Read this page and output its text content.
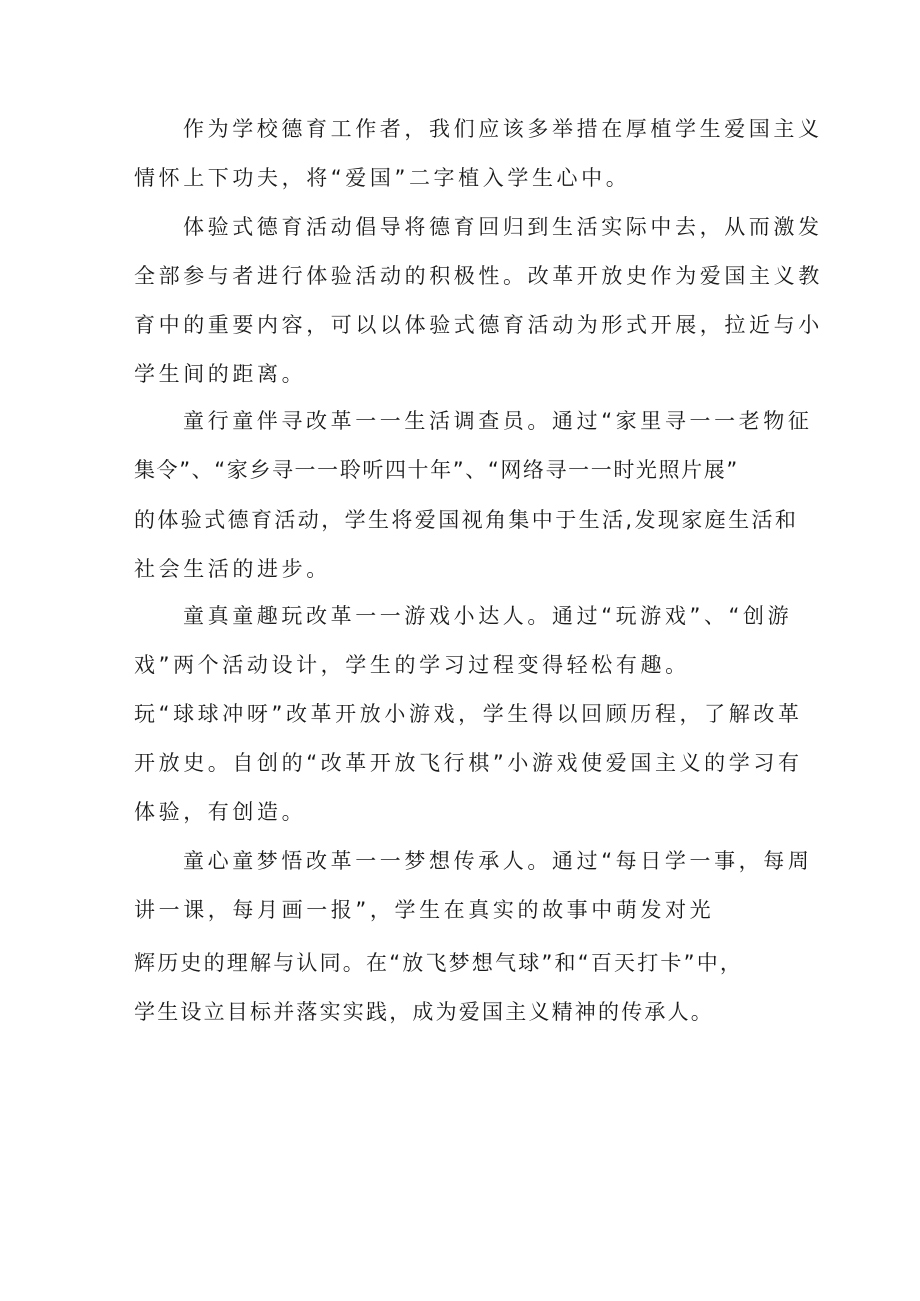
作为学校德育工作者，我们应该多举措在厚植学生爱国主义
情怀上下功夫，将“爱国”二字植入学生心中。
体验式德育活动倡导将德育回归到生活实际中去，从而激发
全部参与者进行体验活动的积极性。改革开放史作为爱国主义教
育中的重要内容，可以以体验式德育活动为形式开展，拉近与小
学生间的距离。
童行童伴寻改革一一生活调查员。通过“家里寻一一老物征
集令”、“家乡寻一一聆听四十年”、“网络寻一一时光照片展”
的体验式德育活动，学生将爱国视角集中于生活,发现家庭生活和
社会生活的进步。
童真童趣玩改革一一游戏小达人。通过“玩游戏”、“创游
戏”两个活动设计，学生的学习过程变得轻松有趣。
玩“球球冲呀”改革开放小游戏，学生得以回顾历程，了解改革
开放史。自创的“改革开放飞行棋”小游戏使爱国主义的学习有
体验，有创造。
童心童梦悟改革一一梦想传承人。通过“每日学一事，每周
讲一课，每月画一报”，学生在真实的故事中萌发对光
辉历史的理解与认同。在“放飞梦想气球”和“百天打卡”中，
学生设立目标并落实实践，成为爱国主义精神的传承人。
